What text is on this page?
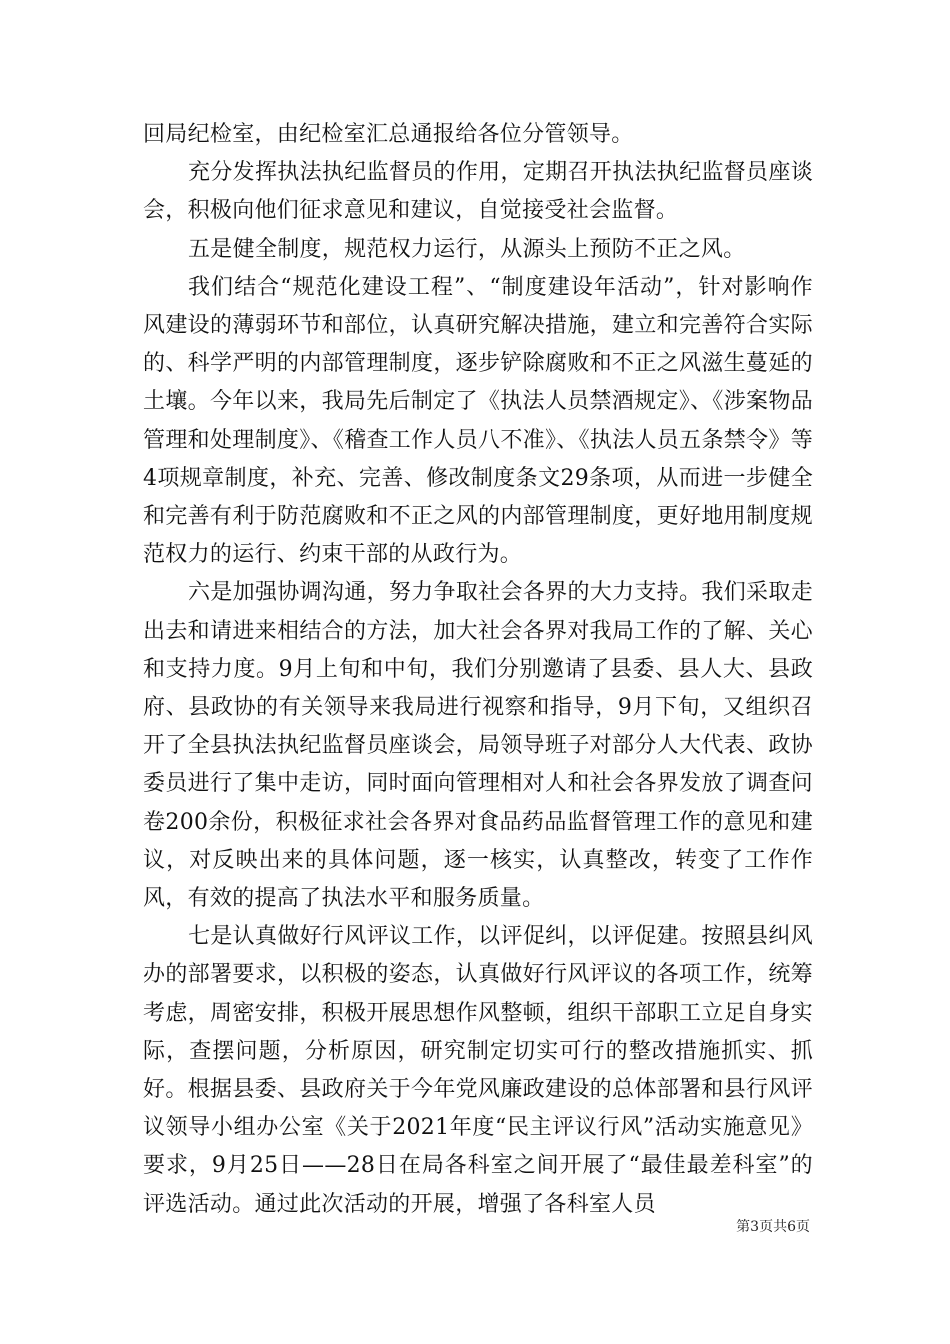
回局纪检室，由纪检室汇总通报给各位分管领导。

充分发挥执法执纪监督员的作用，定期召开执法执纪监督员座谈会，积极向他们征求意见和建议，自觉接受社会监督。

五是健全制度，规范权力运行，从源头上预防不正之风。

我们结合“规范化建设工程”、“制度建设年活动”，针对影响作风建设的薄弱环节和部位，认真研究解决措施，建立和完善符合实际的、科学严明的内部管理制度，逐步铲除腐败和不正之风滋生蔓延的土壤。今年以来，我局先后制定了《执法人员禁酒规定》、《涉案物品管理和处理制度》、《稽查工作人员八不准》、《执法人员五条禁令》等4项规章制度，补充、完善、修改制度条文29条项，从而进一步健全和完善有利于防范腐败和不正之风的内部管理制度，更好地用制度规范权力的运行、约束干部的从政行为。

六是加强协调沟通，努力争取社会各界的大力支持。我们采取走出去和请进来相结合的方法，加大社会各界对我局工作的了解、关心和支持力度。9月上旬和中旬，我们分别邀请了县委、县人大、县政府、县政协的有关领导来我局进行视察和指导，9月下旬，又组织召开了全县执法执纪监督员座谈会，局领导班子对部分人大代表、政协委员进行了集中走访，同时面向管理相对人和社会各界发放了调查问卷200余份，积极征求社会各界对食品药品监督管理工作的意见和建议，对反映出来的具体问题，逐一核实，认真整改，转变了工作作风，有效的提高了执法水平和服务质量。

七是认真做好行风评议工作，以评促纠，以评促建。按照县纠风办的部署要求，以积极的姿态，认真做好行风评议的各项工作，统筹考虑，周密安排，积极开展思想作风整顿，组织干部职工立足自身实际，查摆问题，分析原因，研究制定切实可行的整改措施抓实、抓好。根据县委、县政府关于今年党风廉政建设的总体部署和县行风评议领导小组办公室《关于2021年度“民主评议行风”活动实施意见》要求，9月25日——28日在局各科室之间开展了“最佳最差科室”的评选活动。通过此次活动的开展，增强了各科室人员

第3页共6页
